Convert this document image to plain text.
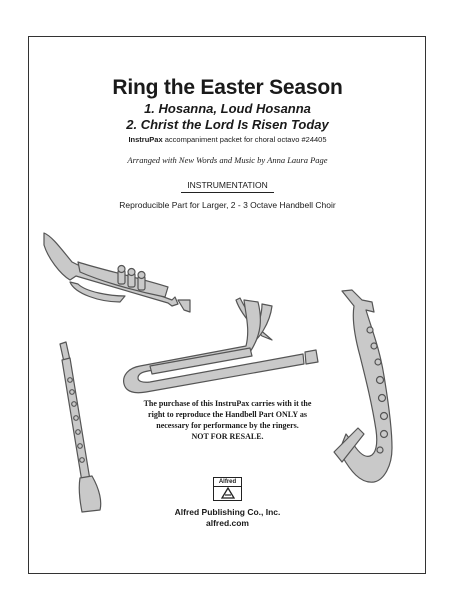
Ring the Easter Season

1. Hosanna, Loud Hosanna

2. Christ the Lord Is Risen Today

InstruPax accompaniment packet for choral octavo #24405

Arranged with New Words and Music by Anna Laura Page

INSTRUMENTATION

Reproducible Part for Larger, 2 - 3 Octave Handbell Choir

The purchase of this InstruPax carries with it the
right to reproduce the Handbell Part ONLY as
necessary for performance by the ringers.
NOT FOR RESALE.

Alfred

Alfred Publishing Co., Inc.

alfred.com
